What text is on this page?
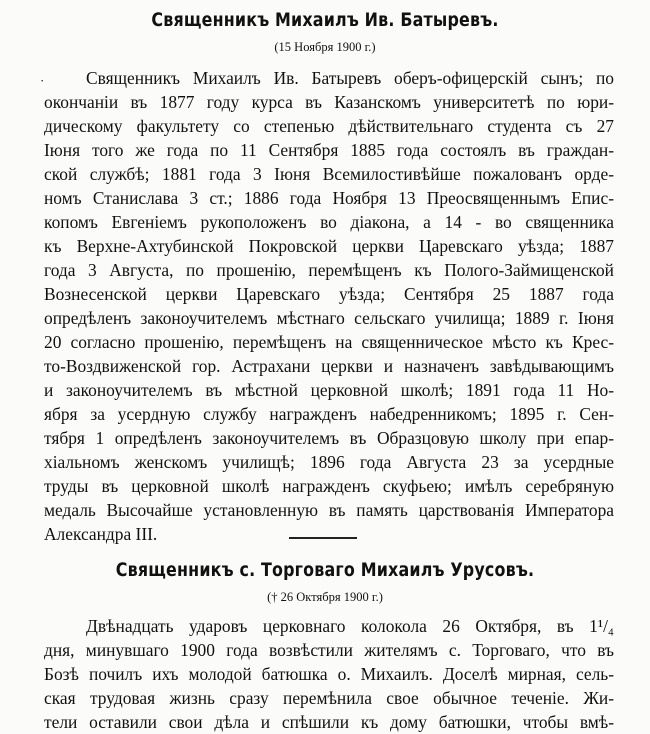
·
Священникъ Михаилъ Ив. Батыревъ.
(15 Ноября 1900 г.)
Священникъ Михаилъ Ив. Батыревъ оберъ-офицерскій сынъ; по
окончаніи въ 1877 году курса въ Казанскомъ университетѣ по юри-
дическому факультету со степенью дѣйствительнаго студента съ 27
Іюня того же года по 11 Сентября 1885 года состоялъ въ граждан-
ской службѣ; 1881 года 3 Іюня Всемилостивѣйше пожалованъ орде-
номъ Станислава 3 ст.; 1886 года Ноября 13 Преосвященнымъ Епис-
копомъ Евгеніемъ рукоположенъ во діакона, а 14 - во священника
къ Верхне-Ахтубинской Покровской церкви Царевскаго уѣзда; 1887
года 3 Августа, по прошенію, перемѣщенъ къ Пологo-Займищенской
Вознесенской церкви Царевскаго уѣзда; Сентября 25 1887 года
опредѣленъ законоучителемъ мѣстнаго сельскаго училища; 1889 г. Іюня
20 согласно прошенію, перемѣщенъ на священническое мѣсто къ Крес-
то-Воздвиженской гор. Астрахани церкви и назначенъ завѣдывающимъ
и законоучителемъ въ мѣстной церковной школѣ; 1891 года 11 Но-
ября за усердную службу награжденъ набедренникомъ; 1895 г. Сен-
тября 1 опредѣленъ законоучителемъ въ Образцовую школу при епар-
хіальномъ женскомъ училищѣ; 1896 года Августа 23 за усердные
труды въ церковной школѣ награжденъ скуфьею; имѣлъ серебряную
медаль Высочайше установленную въ память царствованія Императора
Александра III.
Священникъ с. Торговаго Михаилъ Урусовъ.
(† 26 Октября 1900 г.)
Двѣнадцать ударовъ церковнаго колокола 26 Октября, въ 1¹/₄
дня, минувшаго 1900 года возвѣстили жителямъ с. Торговаго, что въ
Бозѣ почилъ ихъ молодой батюшка о. Михаилъ. Доселѣ мирная, сель-
ская трудовая жизнь сразу перемѣнила свое обычное теченіе. Жи-
тели оставили свои дѣла и спѣшили къ дому батюшки, чтобы вмѣ-
